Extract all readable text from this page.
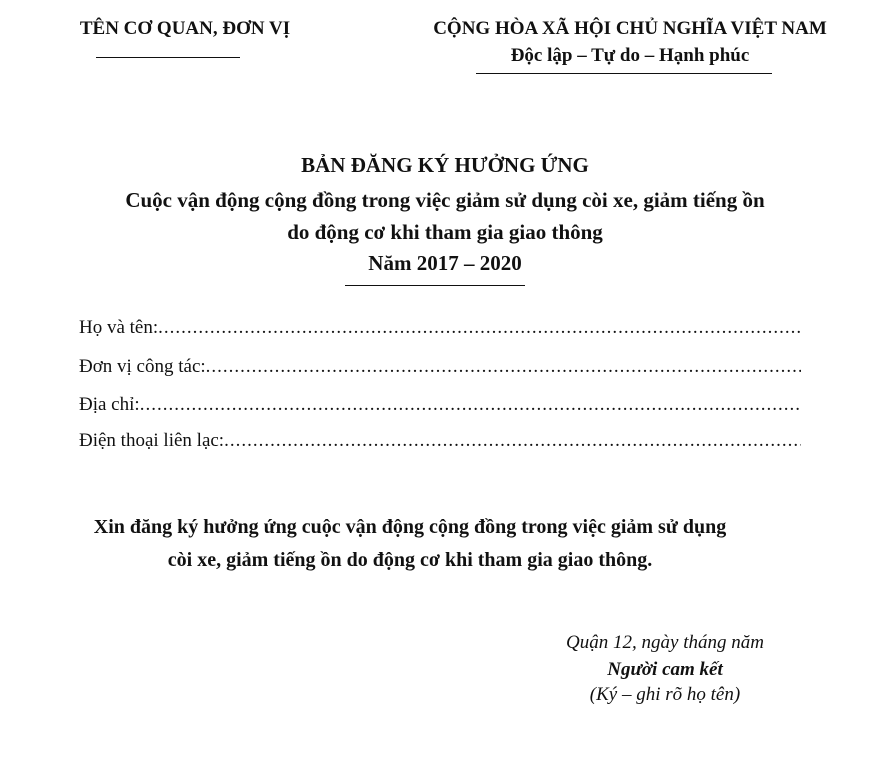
TÊN CƠ QUAN, ĐƠN VỊ	CỘNG HÒA XÃ HỘI CHỦ NGHĨA VIỆT NAM
Độc lập – Tự do – Hạnh phúc
BẢN ĐĂNG KÝ HƯỞNG ỨNG
Cuộc vận động cộng đồng trong việc giảm sử dụng còi xe, giảm tiếng ồn
do động cơ khi tham gia giao thông
Năm 2017 – 2020
Họ và tên:
.....
Đơn vị công tác:
.....
Địa chỉ:
.....
Điện thoại liên lạc:
.....
Xin đăng ký hưởng ứng cuộc vận động cộng đồng trong việc giảm sử dụng
còi xe, giảm tiếng ồn do động cơ khi tham gia giao thông.
Quận 12, ngày tháng năm
Người cam kết
(Ký – ghi rõ họ tên)
